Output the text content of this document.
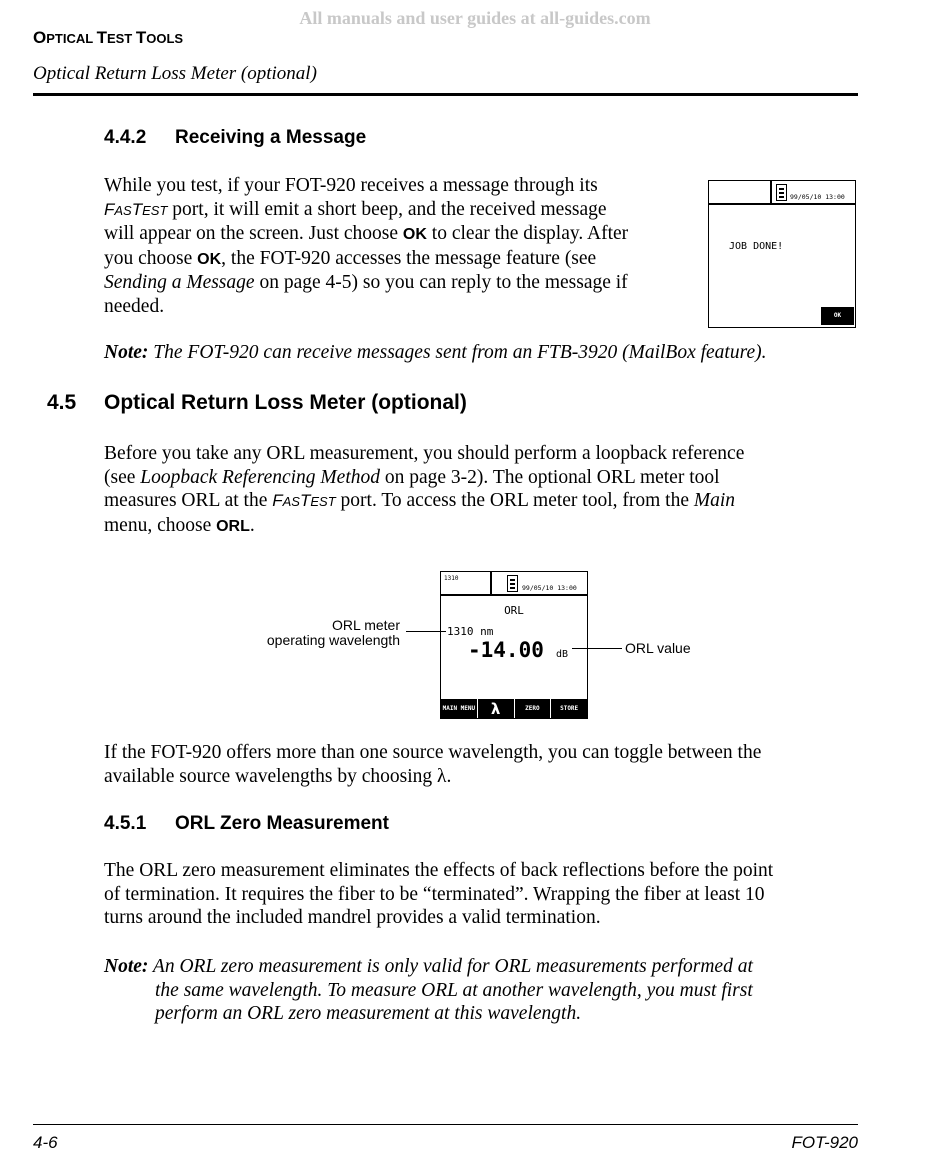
All manuals and user guides at all-guides.com
OPTICAL TEST TOOLS
Optical Return Loss Meter (optional)
4.4.2 Receiving a Message
While you test, if your FOT-920 receives a message through its
FASTEST port, it will emit a short beep, and the received message
will appear on the screen. Just choose OK to clear the display. After
you choose OK, the FOT-920 accesses the message feature (see
Sending a Message on page 4-5) so you can reply to the message if
needed.
99/05/10 13:00
JOB DONE!
OK
Note: The FOT-920 can receive messages sent from an FTB-3920 (MailBox feature).
4.5 Optical Return Loss Meter (optional)
Before you take any ORL measurement, you should perform a loopback reference
(see Loopback Referencing Method on page 3-2). The optional ORL meter tool
measures ORL at the FASTEST port. To access the ORL meter tool, from the Main
menu, choose ORL.
1310
99/05/10 13:00
ORL
1310 nm
-14.00 dB
MAIN MENU	λ	ZERO	STORE
ORL meter
operating wavelength	ORL value
If the FOT-920 offers more than one source wavelength, you can toggle between the
available source wavelengths by choosing λ.
4.5.1 ORL Zero Measurement
The ORL zero measurement eliminates the effects of back reflections before the point
of termination. It requires the fiber to be “terminated”. Wrapping the fiber at least 10
turns around the included mandrel provides a valid termination.
Note: An ORL zero measurement is only valid for ORL measurements performed at
the same wavelength. To measure ORL at another wavelength, you must first
perform an ORL zero measurement at this wavelength.
4-6	FOT-920
